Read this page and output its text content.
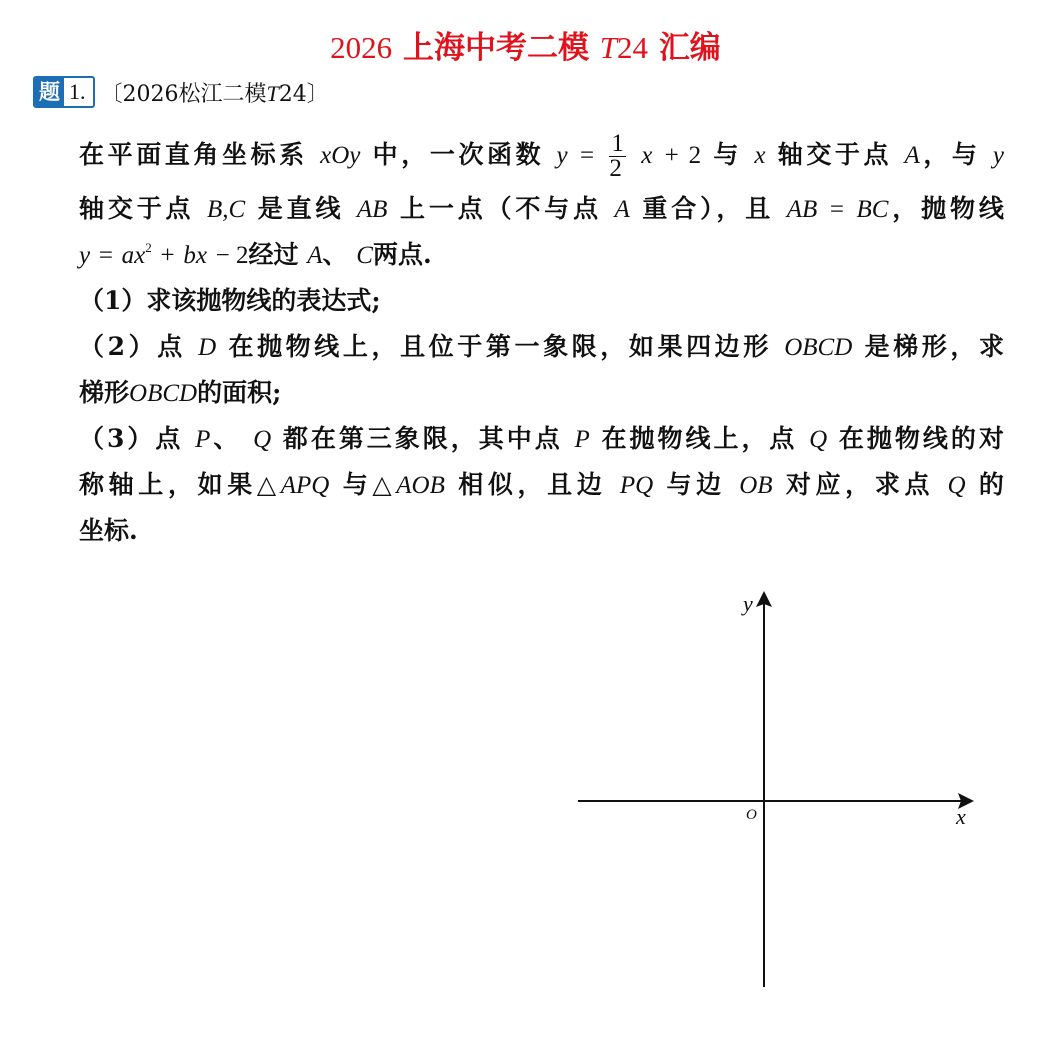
2026 上海中考二模 T24 汇编
题 1. 〔2026松江二模T24〕
在平面直角坐标系 xOy 中，一次函数 $y = \frac{1}{2}$ x + 2 与 x 轴交于点 A，与 y
轴交于点 B,C 是直线 AB 上一点（不与点 A 重合），且 AB = BC，抛物线
$y = ax^2$ + bx − 2经过 A、 C两点.
（1）求该抛物线的表达式;
（2）点 D 在抛物线上，且位于第一象限，如果四边形 OBCD 是梯形，求
梯形OBCD的面积;
（3）点 P、 Q 都在第三象限，其中点 P 在抛物线上，点 Q 在抛物线的对
称轴上，如果△APQ 与△AOB 相似，且边 PQ 与边 OB 对应，求点 Q 的
坐标.
x
y
O
